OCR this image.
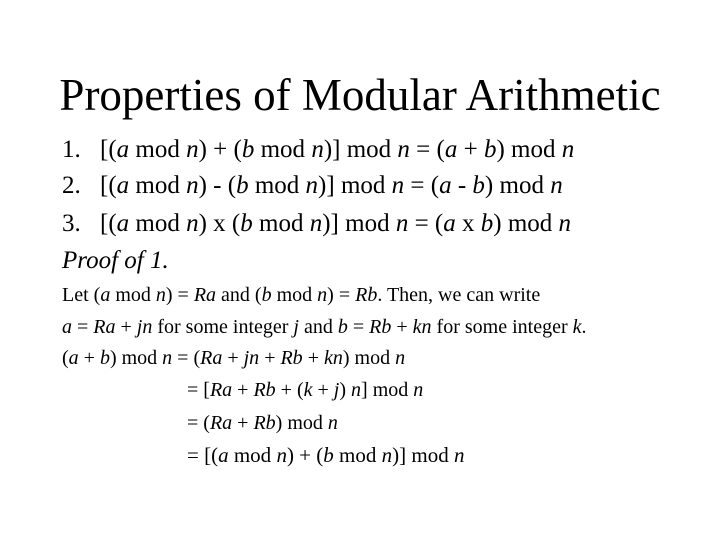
Properties of Modular Arithmetic
1. [(a mod n) + (b mod n)] mod n = (a + b) mod n
2. [(a mod n) - (b mod n)] mod n = (a - b) mod n
3. [(a mod n) x (b mod n)] mod n = (a x b) mod n
Proof of 1.
Let (a mod n) = Ra and (b mod n) = Rb. Then, we can write
a = Ra + jn for some integer j and b = Rb + kn for some integer k.
(a + b) mod n = (Ra + jn + Rb + kn) mod n
= [Ra + Rb + (k + j) n] mod n
= (Ra + Rb) mod n
= [(a mod n) + (b mod n)] mod n
